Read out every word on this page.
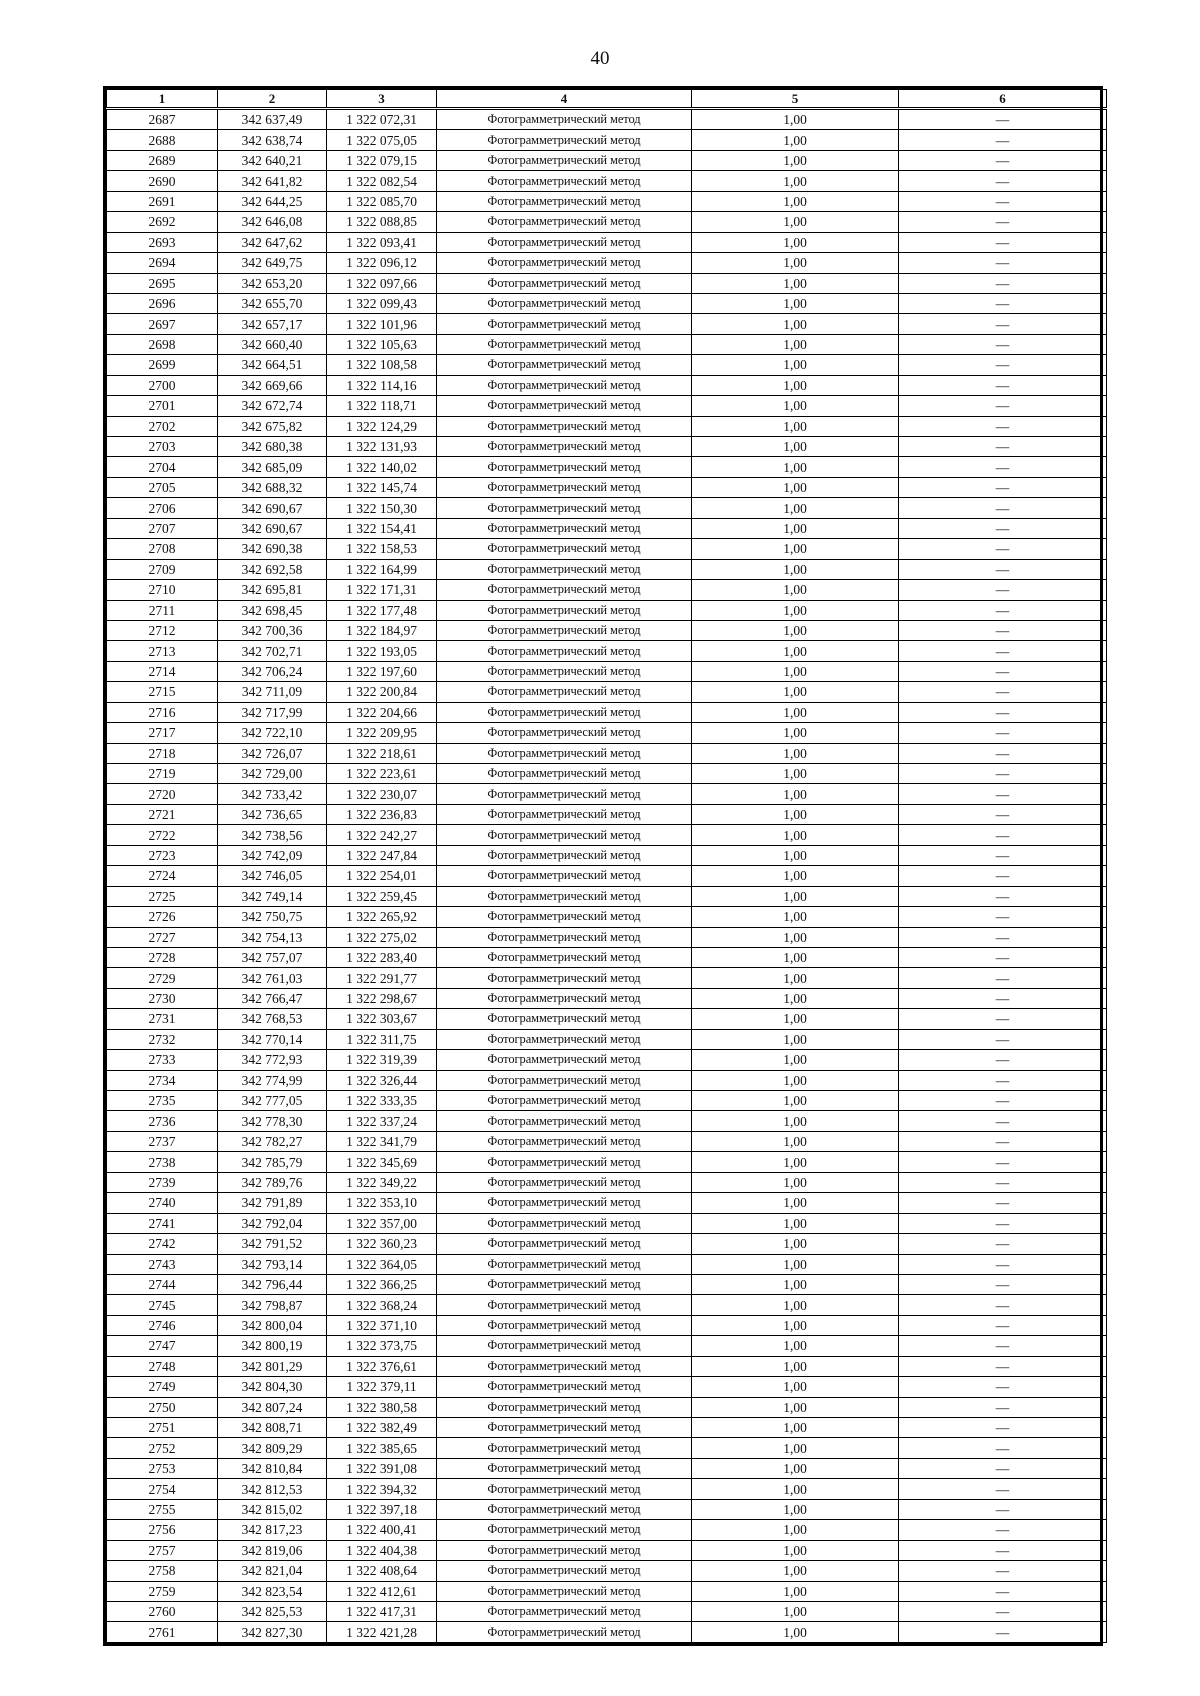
40
1	2	3	4	5	6
2687	342 637,49	1 322 072,31	Фотограмметрический метод	1,00	—
2688	342 638,74	1 322 075,05	Фотограмметрический метод	1,00	—
2689	342 640,21	1 322 079,15	Фотограмметрический метод	1,00	—
2690	342 641,82	1 322 082,54	Фотограмметрический метод	1,00	—
2691	342 644,25	1 322 085,70	Фотограмметрический метод	1,00	—
2692	342 646,08	1 322 088,85	Фотограмметрический метод	1,00	—
2693	342 647,62	1 322 093,41	Фотограмметрический метод	1,00	—
2694	342 649,75	1 322 096,12	Фотограмметрический метод	1,00	—
2695	342 653,20	1 322 097,66	Фотограмметрический метод	1,00	—
2696	342 655,70	1 322 099,43	Фотограмметрический метод	1,00	—
2697	342 657,17	1 322 101,96	Фотограмметрический метод	1,00	—
2698	342 660,40	1 322 105,63	Фотограмметрический метод	1,00	—
2699	342 664,51	1 322 108,58	Фотограмметрический метод	1,00	—
2700	342 669,66	1 322 114,16	Фотограмметрический метод	1,00	—
2701	342 672,74	1 322 118,71	Фотограмметрический метод	1,00	—
2702	342 675,82	1 322 124,29	Фотограмметрический метод	1,00	—
2703	342 680,38	1 322 131,93	Фотограмметрический метод	1,00	—
2704	342 685,09	1 322 140,02	Фотограмметрический метод	1,00	—
2705	342 688,32	1 322 145,74	Фотограмметрический метод	1,00	—
2706	342 690,67	1 322 150,30	Фотограмметрический метод	1,00	—
2707	342 690,67	1 322 154,41	Фотограмметрический метод	1,00	—
2708	342 690,38	1 322 158,53	Фотограмметрический метод	1,00	—
2709	342 692,58	1 322 164,99	Фотограмметрический метод	1,00	—
2710	342 695,81	1 322 171,31	Фотограмметрический метод	1,00	—
2711	342 698,45	1 322 177,48	Фотограмметрический метод	1,00	—
2712	342 700,36	1 322 184,97	Фотограмметрический метод	1,00	—
2713	342 702,71	1 322 193,05	Фотограмметрический метод	1,00	—
2714	342 706,24	1 322 197,60	Фотограмметрический метод	1,00	—
2715	342 711,09	1 322 200,84	Фотограмметрический метод	1,00	—
2716	342 717,99	1 322 204,66	Фотограмметрический метод	1,00	—
2717	342 722,10	1 322 209,95	Фотограмметрический метод	1,00	—
2718	342 726,07	1 322 218,61	Фотограмметрический метод	1,00	—
2719	342 729,00	1 322 223,61	Фотограмметрический метод	1,00	—
2720	342 733,42	1 322 230,07	Фотограмметрический метод	1,00	—
2721	342 736,65	1 322 236,83	Фотограмметрический метод	1,00	—
2722	342 738,56	1 322 242,27	Фотограмметрический метод	1,00	—
2723	342 742,09	1 322 247,84	Фотограмметрический метод	1,00	—
2724	342 746,05	1 322 254,01	Фотограмметрический метод	1,00	—
2725	342 749,14	1 322 259,45	Фотограмметрический метод	1,00	—
2726	342 750,75	1 322 265,92	Фотограмметрический метод	1,00	—
2727	342 754,13	1 322 275,02	Фотограмметрический метод	1,00	—
2728	342 757,07	1 322 283,40	Фотограмметрический метод	1,00	—
2729	342 761,03	1 322 291,77	Фотограмметрический метод	1,00	—
2730	342 766,47	1 322 298,67	Фотограмметрический метод	1,00	—
2731	342 768,53	1 322 303,67	Фотограмметрический метод	1,00	—
2732	342 770,14	1 322 311,75	Фотограмметрический метод	1,00	—
2733	342 772,93	1 322 319,39	Фотограмметрический метод	1,00	—
2734	342 774,99	1 322 326,44	Фотограмметрический метод	1,00	—
2735	342 777,05	1 322 333,35	Фотограмметрический метод	1,00	—
2736	342 778,30	1 322 337,24	Фотограмметрический метод	1,00	—
2737	342 782,27	1 322 341,79	Фотограмметрический метод	1,00	—
2738	342 785,79	1 322 345,69	Фотограмметрический метод	1,00	—
2739	342 789,76	1 322 349,22	Фотограмметрический метод	1,00	—
2740	342 791,89	1 322 353,10	Фотограмметрический метод	1,00	—
2741	342 792,04	1 322 357,00	Фотограмметрический метод	1,00	—
2742	342 791,52	1 322 360,23	Фотограмметрический метод	1,00	—
2743	342 793,14	1 322 364,05	Фотограмметрический метод	1,00	—
2744	342 796,44	1 322 366,25	Фотограмметрический метод	1,00	—
2745	342 798,87	1 322 368,24	Фотограмметрический метод	1,00	—
2746	342 800,04	1 322 371,10	Фотограмметрический метод	1,00	—
2747	342 800,19	1 322 373,75	Фотограмметрический метод	1,00	—
2748	342 801,29	1 322 376,61	Фотограмметрический метод	1,00	—
2749	342 804,30	1 322 379,11	Фотограмметрический метод	1,00	—
2750	342 807,24	1 322 380,58	Фотограмметрический метод	1,00	—
2751	342 808,71	1 322 382,49	Фотограмметрический метод	1,00	—
2752	342 809,29	1 322 385,65	Фотограмметрический метод	1,00	—
2753	342 810,84	1 322 391,08	Фотограмметрический метод	1,00	—
2754	342 812,53	1 322 394,32	Фотограмметрический метод	1,00	—
2755	342 815,02	1 322 397,18	Фотограмметрический метод	1,00	—
2756	342 817,23	1 322 400,41	Фотограмметрический метод	1,00	—
2757	342 819,06	1 322 404,38	Фотограмметрический метод	1,00	—
2758	342 821,04	1 322 408,64	Фотограмметрический метод	1,00	—
2759	342 823,54	1 322 412,61	Фотограмметрический метод	1,00	—
2760	342 825,53	1 322 417,31	Фотограмметрический метод	1,00	—
2761	342 827,30	1 322 421,28	Фотограмметрический метод	1,00	—
